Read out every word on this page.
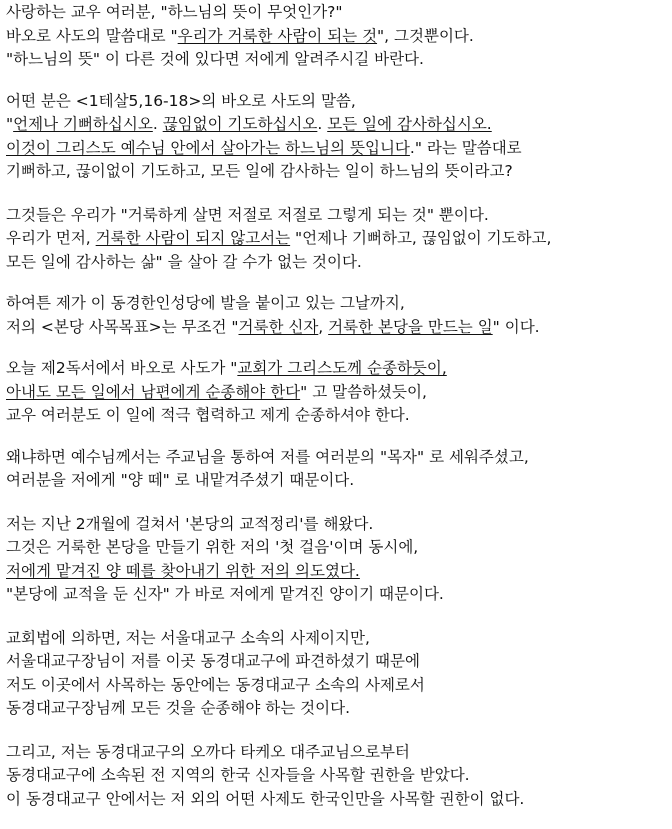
사랑하는 교우 여러분, "하느님의 뜻이 무엇인가?"
바오로 사도의 말씀대로 "우리가 거룩한 사람이 되는 것", 그것뿐이다.
"하느님의 뜻" 이 다른 것에 있다면 저에게 알려주시길 바란다.
어떤 분은 <1테살5,16-18>의 바오로 사도의 말씀,
"언제나 기뻐하십시오. 끊임없이 기도하십시오. 모든 일에 감사하십시오.
이것이 그리스도 예수님 안에서 살아가는 하느님의 뜻입니다." 라는 말씀대로
기뻐하고, 끊이없이 기도하고, 모든 일에 감사하는 일이 하느님의 뜻이라고?
그것들은 우리가 "거룩하게 살면 저절로 저절로 그렇게 되는 것" 뿐이다.
우리가 먼저, 거룩한 사람이 되지 않고서는 "언제나 기뻐하고, 끊임없이 기도하고,
모든 일에 감사하는 삶" 을 살아 갈 수가 없는 것이다.
하여튼 제가 이 동경한인성당에 발을 붙이고 있는 그날까지,
저의 <본당 사목목표>는 무조건 "거룩한 신자, 거룩한 본당을 만드는 일" 이다.
오늘 제2독서에서 바오로 사도가 "교회가 그리스도께 순종하듯이,
아내도 모든 일에서 남편에게 순종해야 한다" 고 말씀하셨듯이,
교우 여러분도 이 일에 적극 협력하고 제게 순종하셔야 한다.
왜냐하면 예수님께서는 주교님을 통하여 저를 여러분의 "목자" 로 세워주셨고,
여러분을 저에게 "양 떼" 로 내맡겨주셨기 때문이다.
저는 지난 2개월에 걸쳐서 '본당의 교적정리'를 해왔다.
그것은 거룩한 본당을 만들기 위한 저의 '첫 걸음'이며 동시에,
저에게 맡겨진 양 떼를 찾아내기 위한 저의 의도였다.
"본당에 교적을 둔 신자" 가 바로 저에게 맡겨진 양이기 때문이다.
교회법에 의하면, 저는 서울대교구 소속의 사제이지만,
서울대교구장님이 저를 이곳 동경대교구에 파견하셨기 때문에
저도 이곳에서 사목하는 동안에는 동경대교구 소속의 사제로서
동경대교구장님께 모든 것을 순종해야 하는 것이다.
그리고, 저는 동경대교구의 오까다 타케오 대주교님으로부터
동경대교구에 소속된 전 지역의 한국 신자들을 사목할 권한을 받았다.
이 동경대교구 안에서는 저 외의 어떤 사제도 한국인만을 사목할 권한이 없다.
